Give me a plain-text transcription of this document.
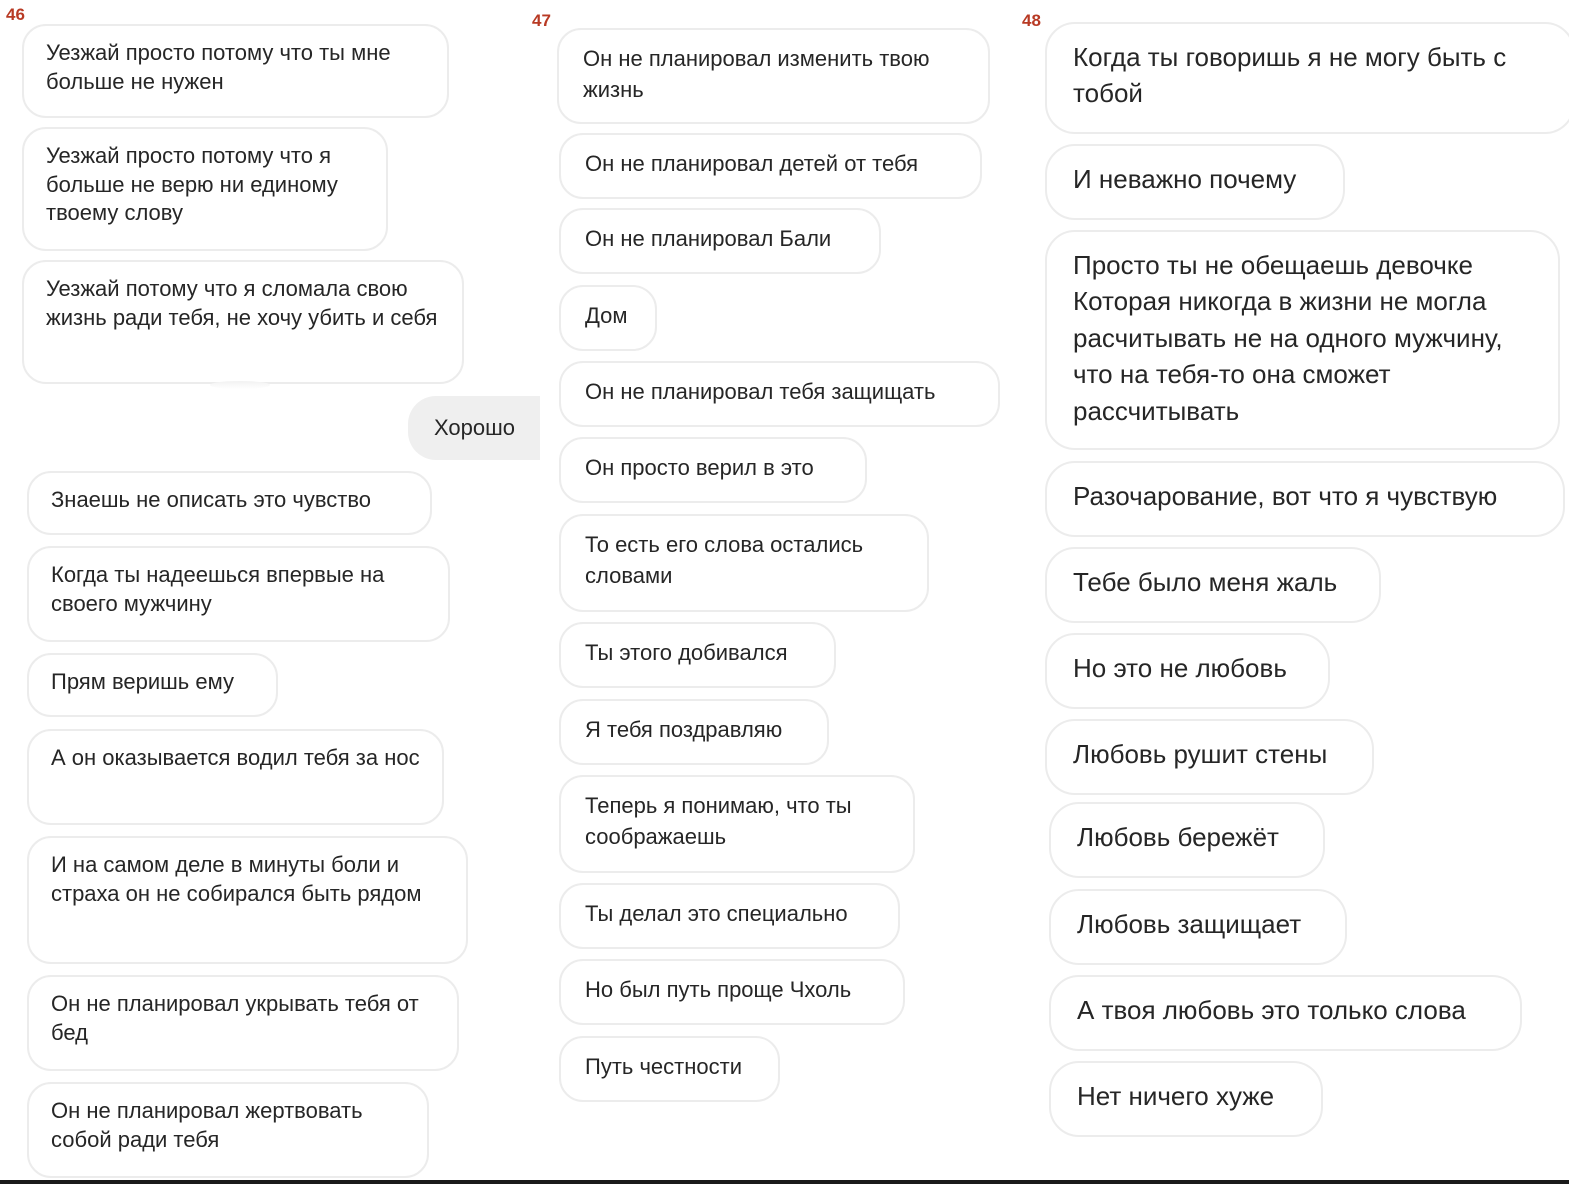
46
Уезжай просто потому что ты мне больше не нужен
Уезжай просто потому что я больше не верю ни единому твоему слову
Уезжай потому что я сломала свою жизнь ради тебя, не хочу убить и себя
Хорошо
Знаешь не описать это чувство
Когда ты надеешься впервые на своего мужчину
Прям веришь ему
А он оказывается водил тебя за нос
И на самом деле в минуты боли и страха он не собирался быть рядом
Он не планировал укрывать тебя от бед
Он не планировал жертвовать собой ради тебя
47
Он не планировал изменить твою жизнь
Он не планировал детей от тебя
Он не планировал Бали
Дом
Он не планировал тебя защищать
Он просто верил в это
То есть его слова остались словами
Ты этого добивался
Я тебя поздравляю
Теперь я понимаю, что ты соображаешь
Ты делал это специально
Но был путь проще Чхоль
Путь честности
48
Когда ты говоришь я не могу быть с тобой
И неважно почему
Просто ты не обещаешь девочке Которая никогда в жизни не могла расчитывать не на одного мужчину, что на тебя-то она сможет рассчитывать
Разочарование, вот что я чувствую
Тебе было меня жаль
Но это не любовь
Любовь рушит стены
Любовь бережёт
Любовь защищает
А твоя любовь это только слова
Нет ничего хуже
